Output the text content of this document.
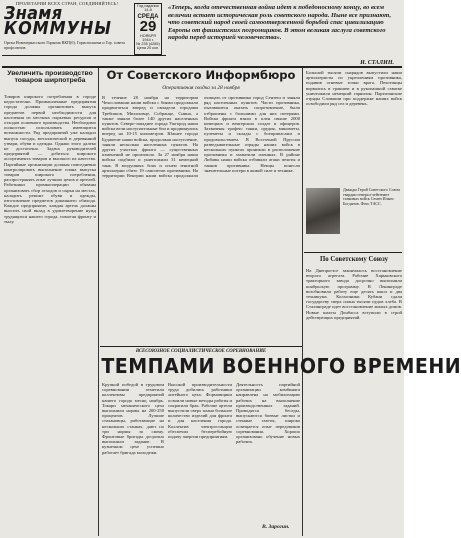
ПРОЛЕТАРИИ ВСЕХ СТРАН, СОЕДИНЯЙТЕСЬ!
Знамя
КОММУНЫ
Орган Новочеркасского Горкома ВКП(б), Горисполкома и Гор. совета профсоюзов
Год издания 14-й
СРЕДА
29
НОЯБРЯ
1944 г.
№ 235 (4285)
Цена 20 коп.
«Теперь, когда отечественная война идет к победоносному концу, во всем величии встает историческая роль советского народа. Ныне все признают, что советский народ своей самоотверженной борьбой спас цивилизацию Европы от фашистских погромщиков. В этом великая заслуга советского народа перед историей человечества».
И. СТАЛИН.
Увеличить производство товаров ширпотреба
Товаров широкого потребления в городе недостаточно. Промышленные предприятия города должны организовать выпуск предметов первой необходимости для населения из местных сырьевых ресурсов и отходов основного производства. Необходимо полностью использовать имеющиеся возможности. Ряд предприятий уже наладил выпуск посуды, металлической и деревянной утвари, обуви и одежды. Однако этого далеко не достаточно. Задача руководителей предприятий — добиться широкого ассортимента товаров и высокого их качества. Партийные организации должны повседневно контролировать выполнение плана выпуска товаров широкого потребления, распространять опыт лучших цехов и артелей. Работники промкооперации обязаны организовать сбор отходов и сырья на местах, наладить ремонт обуви и одежды, изготовление предметов домашнего обихода. Каждое предприятие, каждая артель должны вносить свой вклад в удовлетворение нужд трудящихся нашего города, помогая фронту и тылу.
От Советского Информбюро
Оперативная сводка за 28 ноября
В течение 28 ноября на территории Чехословакии наши войска с боями продолжали продвигаться вперед и овладели городами Требишов, Михаловце, Собранце, Снина, а также заняли более 140 других населенных пунктов. Северо-западнее города Ужгород наши войска вели наступательные бои и продвинулись вперед на 10-15 километров. Южнее города Будапешт наши войска, продолжая наступление, заняли несколько населенных пунктов. На других участках фронта — существенных изменений не произошло. За 27 ноября наши войска подбили и уничтожили 31 немецкий танк. В воздушных боях и огнем зенитной артиллерии сбито 19 самолетов противника. На территории Венгрии наши войска продолжали очищать от противника город Сентеш и заняли ряд населенных пунктов. Части противника, пытавшиеся оказать сопротивление, были отброшены с большими для них потерями. Войска фронта взяли в плен свыше 2000 немецких и венгерских солдат и офицеров. Захвачены трофеи: танки, орудия, минометы, пулеметы и склады с боеприпасами и продовольствием. В Восточной Пруссии разведывательные отряды наших войск в нескольких пунктах проникли в расположение противника и захватили пленных. В районе Либавы наши войска отбивали атаки пехоты и танков противника. Немцы понесли значительные потери в живой силе и технике.
Большой тысячи снарядов выпустили наши артиллеристы по укреплениям противника, подавив огневые точки врага. Пехотинцы ворвались в траншеи и в рукопашной схватке уничтожили немецкий гарнизон. Партизанские отряды Словакии при поддержке наших войск освободили ряд сел и деревень.
Дважды Герой Советского Союза гвардии генерал-лейтенант танковых войск Семен Ильич Богданов. Фото ТАСС.
По Советскому Союзу
На Днепрогэсе закончилось восстановление второго агрегата. Рабочие Харьковского тракторного завода досрочно выполнили ноябрьскую программу. В Ленинграде возобновили работу еще десять школ и два техникума. Колхозники Кубани сдали государству сверх плана тысячи пудов хлеба. В Сталинграде идет восстановление жилых домов. Новые шахты Донбасса вступили в строй действующих предприятий.
ВСЕСОЮЗНОЕ СОЦИАЛИСТИЧЕСКОЕ СОРЕВНОВАНИЕ
ТЕМПАМИ ВОЕННОГО ВРЕМЕНИ
Крупной победой в трудовом соревновании отметили коллективы предприятий нашего города месяц ноябрь. Токари механического цеха выполнили нормы на 200-250 процентов. Лучшие стахановцы, работающие на нескольких станках, дают по три нормы за смену. Фронтовые бригады досрочно выполнили задание. В кузнечном цехе успешно работает бригада молодежи.
Высокой производительности труда добились работники литейного цеха. Формовщики освоили новые методы работы и сократили брак. Рабочие артели выпустили сверх плана большое количество изделий для фронта и для населения города. Коллектив электростанции обеспечил бесперебойную подачу энергии предприятиям.
Деятельность партийной организации комбината направлена на мобилизацию рабочих на выполнение производственных заданий. Проводятся беседы, выпускаются боевые листки и стенные газеты, широко освещается опыт передовиков соревнования. Хорошо организовано обучение новых рабочих.
В. Зарогин.
